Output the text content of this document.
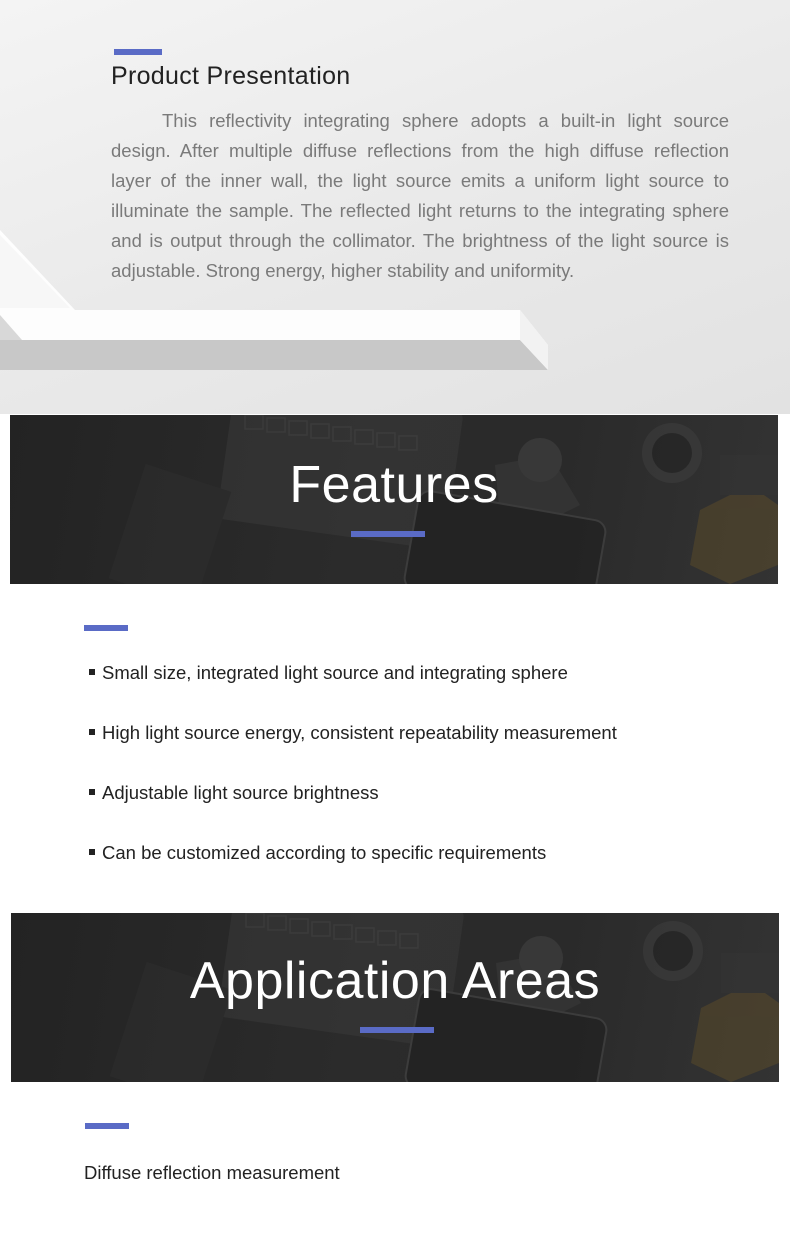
Product Presentation

This reflectivity integrating sphere adopts a built-in light source design. After multiple diffuse reflections from the high diffuse reflection layer of the inner wall, the light source emits a uniform light source to illuminate the sample. The reflected light returns to the integrating sphere and is output through the collimator. The brightness of the light source is adjustable. Strong energy, higher stability and uniformity.

Features
Small size, integrated light source and integrating sphere
High light source energy, consistent repeatability measurement
Adjustable light source brightness
Can be customized according to specific requirements
Application Areas
Diffuse reflection measurement
